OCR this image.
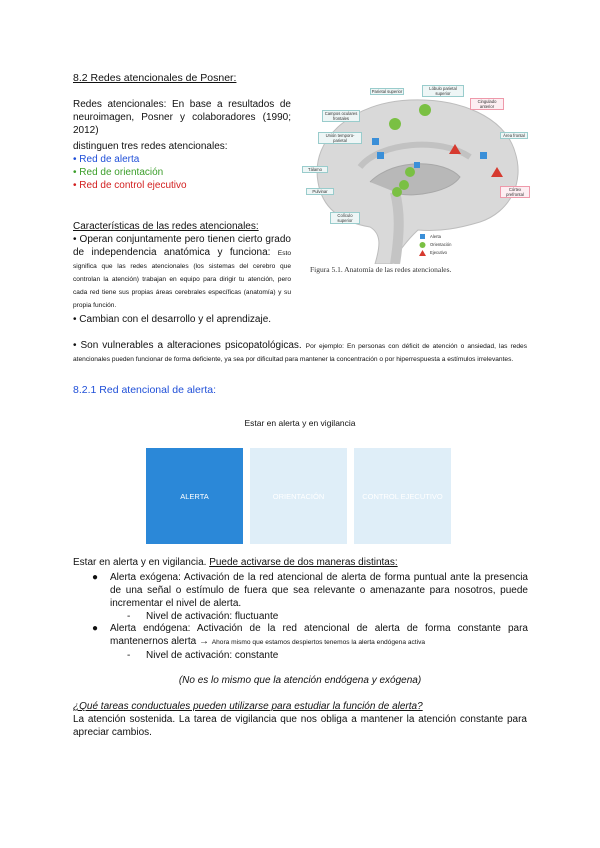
8.2 Redes atencionales de Posner:
Redes atencionales: En base a resultados de neuroimagen, Posner y colaboradores (1990; 2012)
distinguen tres redes atencionales:
• Red de alerta
• Red de orientación
• Red de control ejecutivo
Parietal superior
Lóbulo parietal superior
Cingulado anterior
Campos oculares frontales
Unión temporo-parietal
Área frontal
Tálamo
Pulvinar	Córtex prefrontal
Colículo superior
Alerta
Orientación
Ejecutivo
Figura 5.1. Anatomía de las redes atencionales.
Características de las redes atencionales:
• Operan conjuntamente pero tienen cierto grado de independencia anatómica y funciona: Esto significa que las redes atencionales (los sistemas del cerebro que controlan la atención) trabajan en equipo para dirigir tu atención, pero cada red tiene sus propias áreas cerebrales específicas (anatomía) y su propia función.
• Cambian con el desarrollo y el aprendizaje.
• Son vulnerables a alteraciones psicopatológicas. Por ejemplo: En personas con déficit de atención o ansiedad, las redes atencionales pueden funcionar de forma deficiente, ya sea por dificultad para mantener la concentración o por hiperrespuesta a estímulos irrelevantes.
8.2.1 Red atencional de alerta:
Estar en alerta y en vigilancia
ALERTA	ORIENTACIÓN	CONTROL EJECUTIVO
Estar en alerta y en vigilancia. Puede activarse de dos maneras distintas:
● Alerta exógena: Activación de la red atencional de alerta de forma puntual ante la presencia de una señal o estímulo de fuera que sea relevante o amenazante para nosotros, puede incrementar el nivel de alerta.
- Nivel de activación: fluctuante
● Alerta endógena: Activación de la red atencional de alerta de forma constante para mantenernos alerta → Ahora mismo que estamos despiertos tenemos la alerta endógena activa
- Nivel de activación: constante
(No es lo mismo que la atención endógena y exógena)
¿Qué tareas conductuales pueden utilizarse para estudiar la función de alerta?
La atención sostenida. La tarea de vigilancia que nos obliga a mantener la atención constante para apreciar cambios.
